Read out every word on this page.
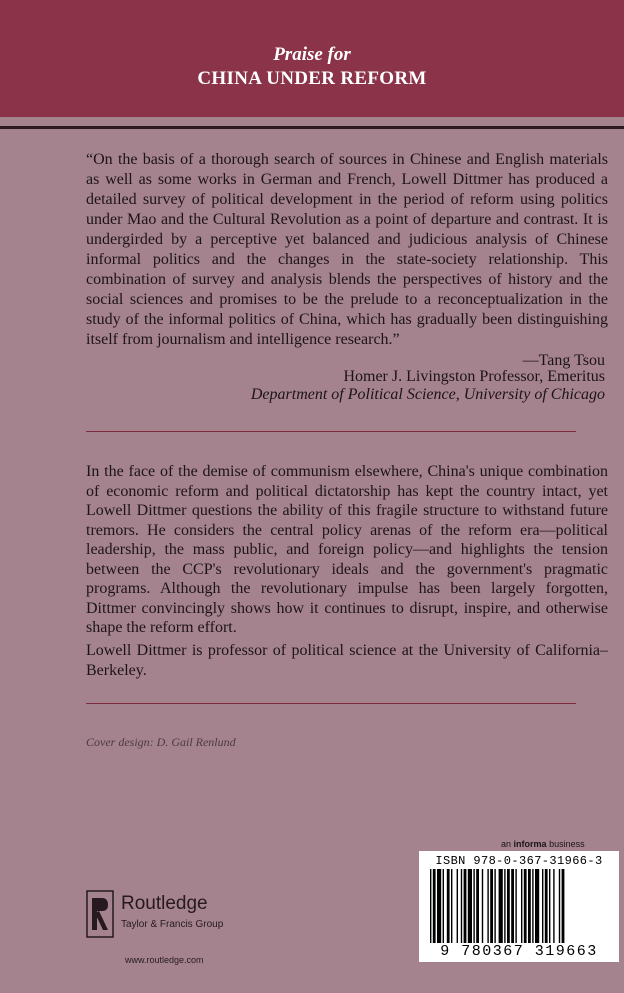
Praise for
CHINA UNDER REFORM

“On the basis of a thorough search of sources in Chinese and English materials as well as some works in German and French, Lowell Dittmer has produced a detailed survey of political development in the period of reform using politics under Mao and the Cultural Revolution as a point of departure and contrast. It is undergirded by a perceptive yet balanced and judicious analysis of Chinese informal politics and the changes in the state-society relationship. This combination of survey and analysis blends the perspectives of history and the social sciences and promises to be the prelude to a reconceptualization in the study of the informal politics of China, which has gradually been distinguishing itself from journalism and intelligence research.”

—Tang Tsou
Homer J. Livingston Professor, Emeritus
Department of Political Science, University of Chicago

In the face of the demise of communism elsewhere, China's unique combination of economic reform and political dictatorship has kept the country intact, yet Lowell Dittmer questions the ability of this fragile structure to withstand future tremors. He considers the central policy arenas of the reform era—political leadership, the mass public, and foreign policy—and highlights the tension between the CCP's revolutionary ideals and the government's pragmatic programs. Although the revolutionary impulse has been largely forgotten, Dittmer convincingly shows how it continues to disrupt, inspire, and otherwise shape the reform effort.

Lowell Dittmer is professor of political science at the University of California–Berkeley.

Cover design: D. Gail Renlund
an informa business
ISBN 978-0-367-31966-3
9 780367 319663
Routledge
Taylor & Francis Group
www.routledge.com
